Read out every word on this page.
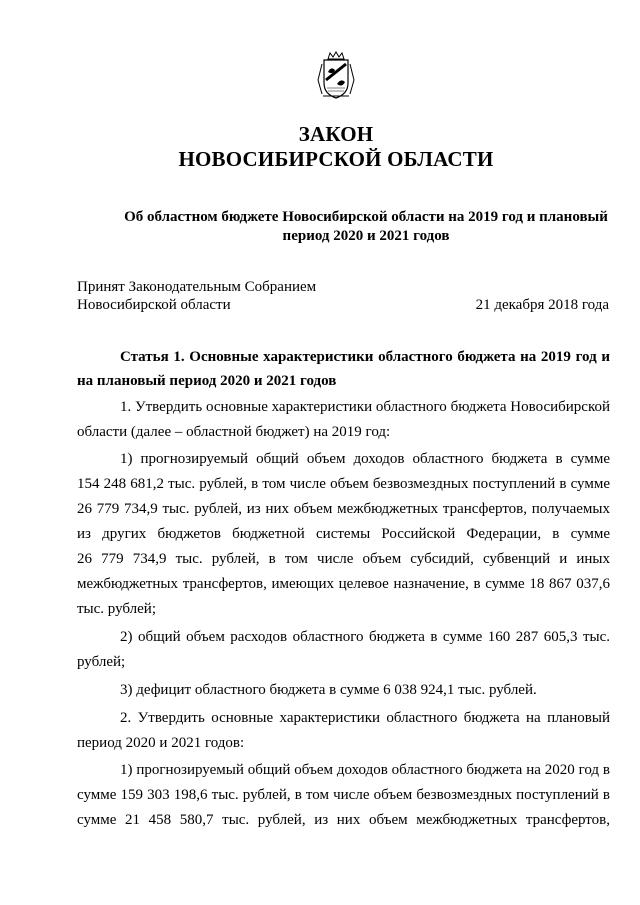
ЗАКОН
НОВОСИБИРСКОЙ ОБЛАСТИ
Об областном бюджете Новосибирской области на 2019 год и плановый
период 2020 и 2021 годов
Принят Законодательным Собранием
Новосибирской области	21 декабря 2018 года
Статья 1. Основные характеристики областного бюджета на 2019 год и
на плановый период 2020 и 2021 годов
1. Утвердить основные характеристики областного бюджета Новосибирской
области (далее – областной бюджет) на 2019 год:
1) прогнозируемый общий объем доходов областного бюджета в сумме
154 248 681,2 тыс. рублей, в том числе объем безвозмездных поступлений в сумме
26 779 734,9 тыс. рублей, из них объем межбюджетных трансфертов, получаемых
из других бюджетов бюджетной системы Российской Федерации, в сумме
26 779 734,9 тыс. рублей, в том числе объем субсидий, субвенций и иных
межбюджетных трансфертов, имеющих целевое назначение, в сумме 18 867 037,6
тыс. рублей;
2) общий объем расходов областного бюджета в сумме 160 287 605,3 тыс.
рублей;
3) дефицит областного бюджета в сумме 6 038 924,1 тыс. рублей.
2. Утвердить основные характеристики областного бюджета на плановый
период 2020 и 2021 годов:
1) прогнозируемый общий объем доходов областного бюджета на 2020 год в
сумме 159 303 198,6 тыс. рублей, в том числе объем безвозмездных поступлений в
сумме 21 458 580,7 тыс. рублей, из них объем межбюджетных трансфертов,
